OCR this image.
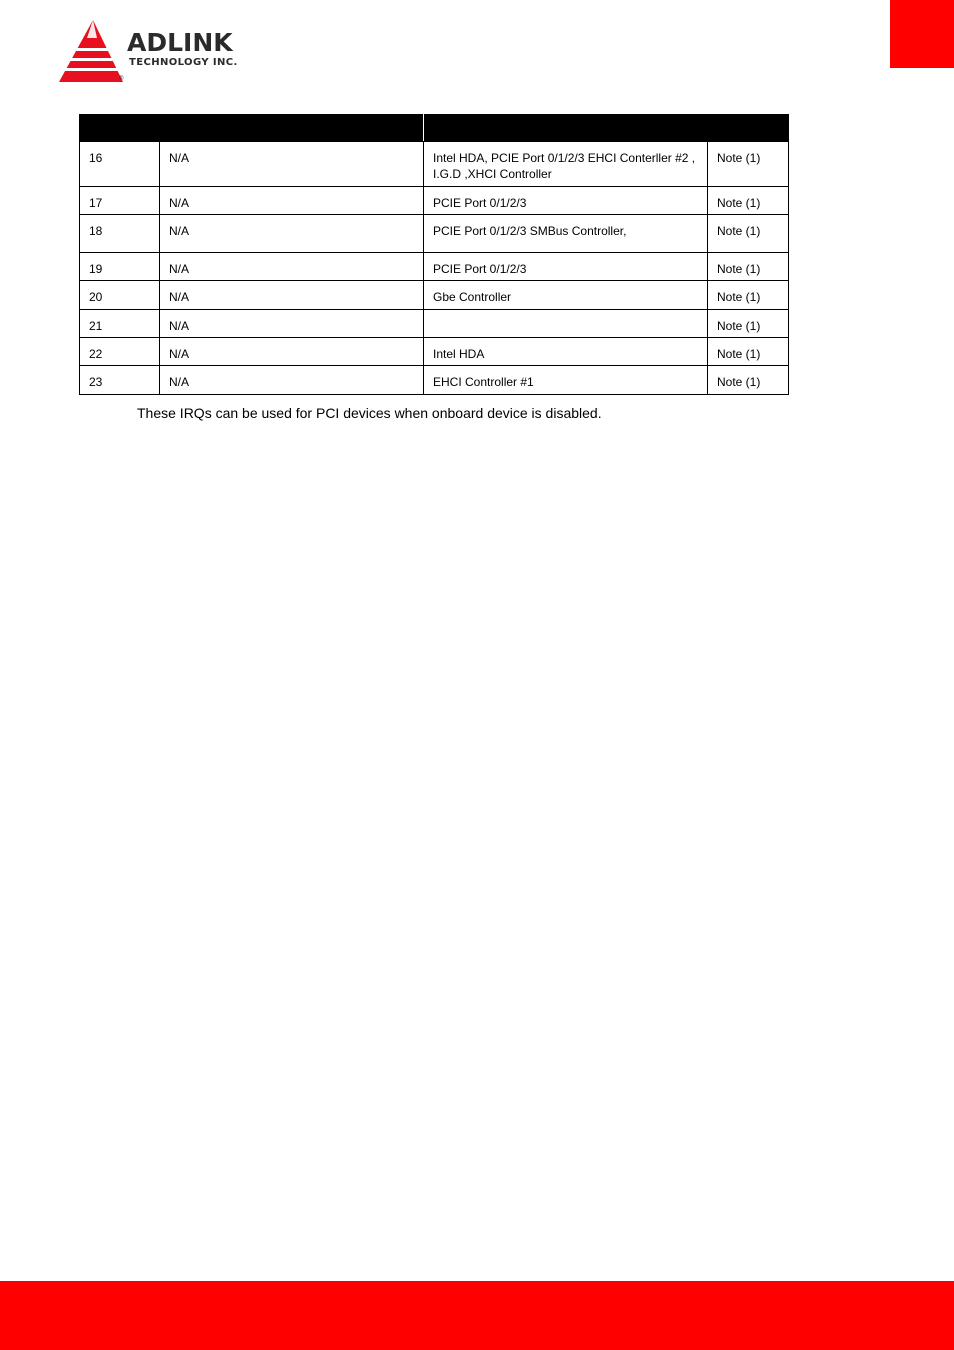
ADLINK
TECHNOLOGY INC.
®

16	N/A	Intel HDA, PCIE Port 0/1/2/3 EHCI Conterller #2 , I.G.D ,XHCI Controller	Note (1)
17	N/A	PCIE Port 0/1/2/3	Note (1)
18	N/A	PCIE Port 0/1/2/3 SMBus Controller,	Note (1)
19	N/A	PCIE Port 0/1/2/3	Note (1)
20	N/A	Gbe Controller	Note (1)
21	N/A		Note (1)
22	N/A	Intel HDA	Note (1)
23	N/A	EHCI Controller #1	Note (1)
These IRQs can be used for PCI devices when onboard device is disabled.
